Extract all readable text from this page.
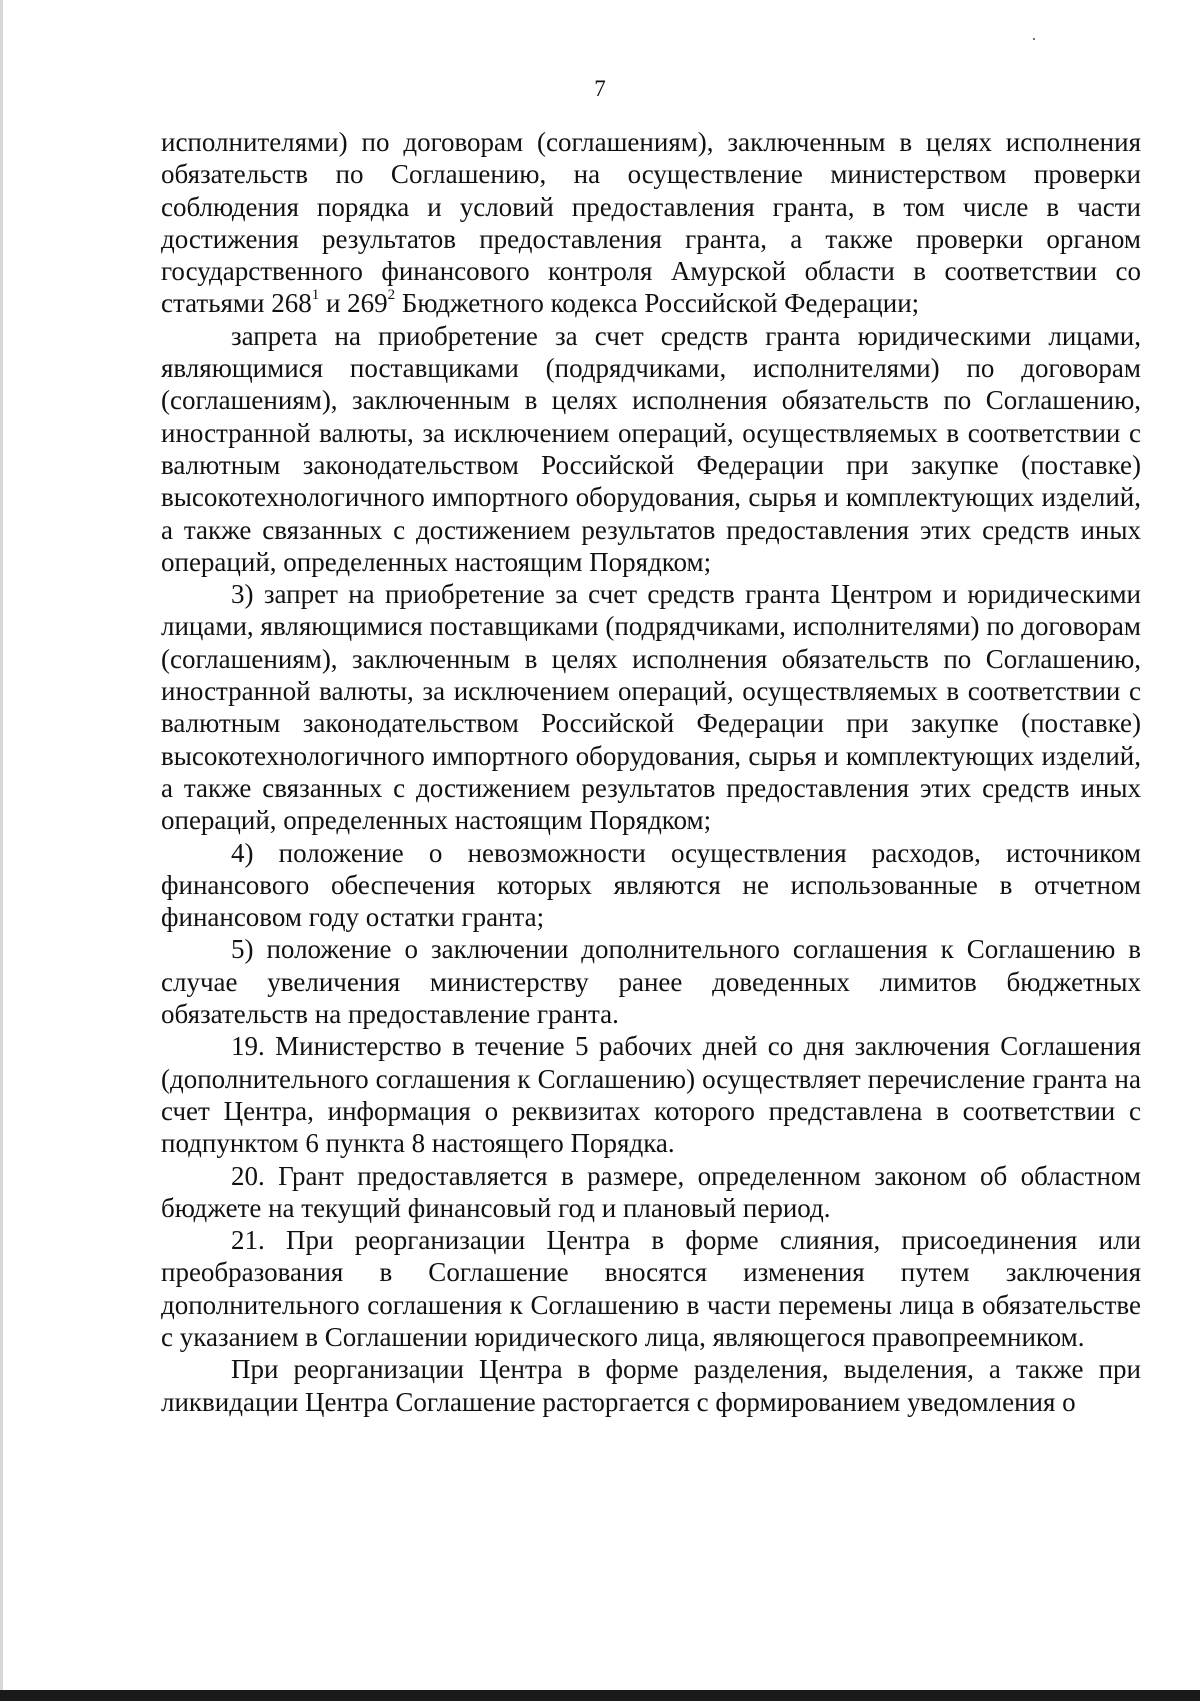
7

исполнителями) по договорам (соглашениям), заключенным в целях исполнения обязательств по Соглашению, на осуществление министерством проверки соблюдения порядка и условий предоставления гранта, в том числе в части достижения результатов предоставления гранта, а также проверки органом государственного финансового контроля Амурской области в соответствии со статьями $268^1$ и $269^2$ Бюджетного кодекса Российской Федерации;

запрета на приобретение за счет средств гранта юридическими лицами, являющимися поставщиками (подрядчиками, исполнителями) по договорам (соглашениям), заключенным в целях исполнения обязательств по Соглашению, иностранной валюты, за исключением операций, осуществляемых в соответствии с валютным законодательством Российской Федерации при закупке (поставке) высокотехнологичного импортного оборудования, сырья и комплектующих изделий, а также связанных с достижением результатов предоставления этих средств иных операций, определенных настоящим Порядком;

3) запрет на приобретение за счет средств гранта Центром и юридическими лицами, являющимися поставщиками (подрядчиками, исполнителями) по договорам (соглашениям), заключенным в целях исполнения обязательств по Соглашению, иностранной валюты, за исключением операций, осуществляемых в соответствии с валютным законодательством Российской Федерации при закупке (поставке) высокотехнологичного импортного оборудования, сырья и комплектующих изделий, а также связанных с достижением результатов предоставления этих средств иных операций, определенных настоящим Порядком;

4) положение о невозможности осуществления расходов, источником финансового обеспечения которых являются не использованные в отчетном финансовом году остатки гранта;

5) положение о заключении дополнительного соглашения к Соглашению в случае увеличения министерству ранее доведенных лимитов бюджетных обязательств на предоставление гранта.

19. Министерство в течение 5 рабочих дней со дня заключения Соглашения (дополнительного соглашения к Соглашению) осуществляет перечисление гранта на счет Центра, информация о реквизитах которого представлена в соответствии с подпунктом 6 пункта 8 настоящего Порядка.

20. Грант предоставляется в размере, определенном законом об областном бюджете на текущий финансовый год и плановый период.

21. При реорганизации Центра в форме слияния, присоединения или преобразования в Соглашение вносятся изменения путем заключения дополнительного соглашения к Соглашению в части перемены лица в обязательстве с указанием в Соглашении юридического лица, являющегося правопреемником.

При реорганизации Центра в форме разделения, выделения, а также при ликвидации Центра Соглашение расторгается с формированием уведомления о
